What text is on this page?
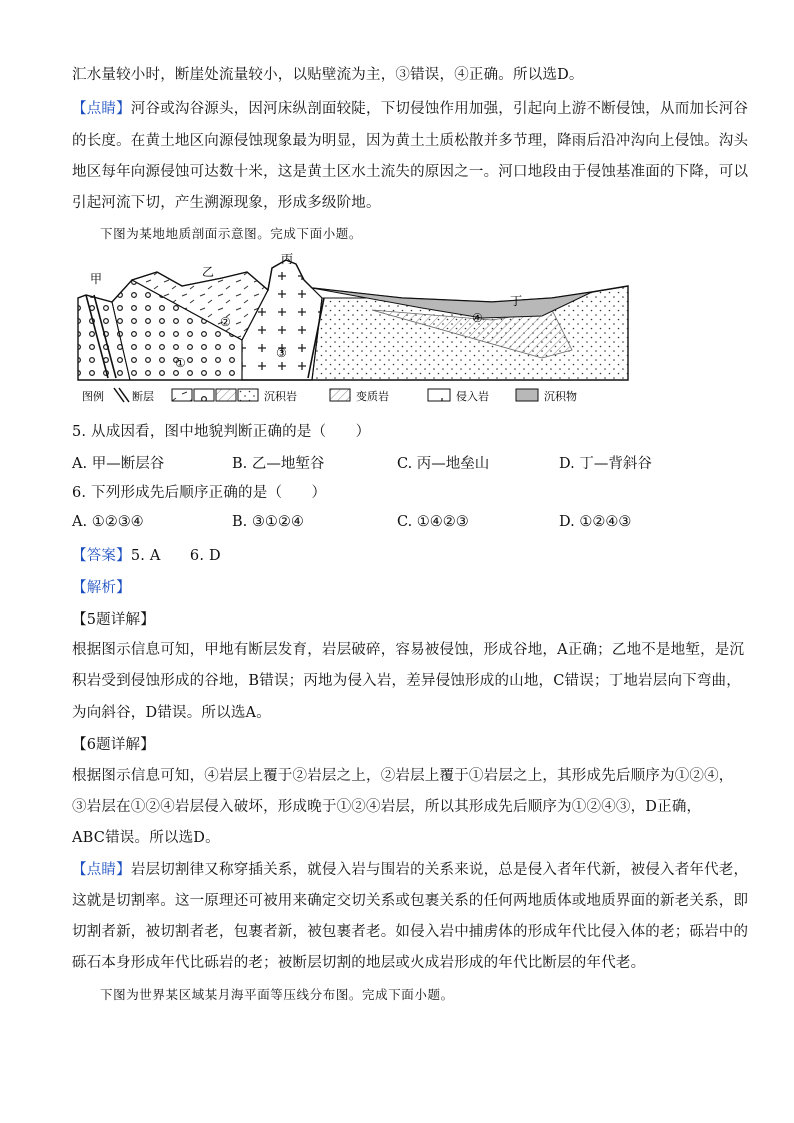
汇水量较小时，断崖处流量较小，以贴壁流为主，③错误，④正确。所以选D。
【点睛】河谷或沟谷源头，因河床纵剖面较陡，下切侵蚀作用加强，引起向上游不断侵蚀，从而加长河谷
的长度。在黄土地区向源侵蚀现象最为明显，因为黄土土质松散并多节理，降雨后沿冲沟向上侵蚀。沟头
地区每年向源侵蚀可达数十米，这是黄土区水土流失的原因之一。河口地段由于侵蚀基准面的下降，可以
引起河流下切，产生溯源现象，形成多级阶地。
下图为某地地质剖面示意图。完成下面小题。
甲	乙
丙
丁
①
②
③
④
图例	断层	沉积岩	变质岩	侵入岩	沉积物
5. 从成因看，图中地貌判断正确的是（　　）
A. 甲—断层谷	B. 乙—地堑谷	C. 丙—地垒山	D. 丁—背斜谷
6. 下列形成先后顺序正确的是（　　）
A. ①②③④	B. ③①②④	C. ①④②③	D. ①②④③
【答案】5. A　　6. D
【解析】
【5题详解】
根据图示信息可知，甲地有断层发育，岩层破碎，容易被侵蚀，形成谷地，A正确；乙地不是地堑，是沉
积岩受到侵蚀形成的谷地，B错误；丙地为侵入岩，差异侵蚀形成的山地，C错误；丁地岩层向下弯曲，
为向斜谷，D错误。所以选A。
【6题详解】
根据图示信息可知，④岩层上覆于②岩层之上，②岩层上覆于①岩层之上，其形成先后顺序为①②④，
③岩层在①②④岩层侵入破坏，形成晚于①②④岩层，所以其形成先后顺序为①②④③，D正确，
ABC错误。所以选D。
【点睛】岩层切割律又称穿插关系，就侵入岩与围岩的关系来说，总是侵入者年代新，被侵入者年代老，
这就是切割率。这一原理还可被用来确定交切关系或包裹关系的任何两地质体或地质界面的新老关系，即
切割者新，被切割者老，包裹者新，被包裹者老。如侵入岩中捕虏体的形成年代比侵入体的老；砾岩中的
砾石本身形成年代比砾岩的老；被断层切割的地层或火成岩形成的年代比断层的年代老。
下图为世界某区域某月海平面等压线分布图。完成下面小题。
